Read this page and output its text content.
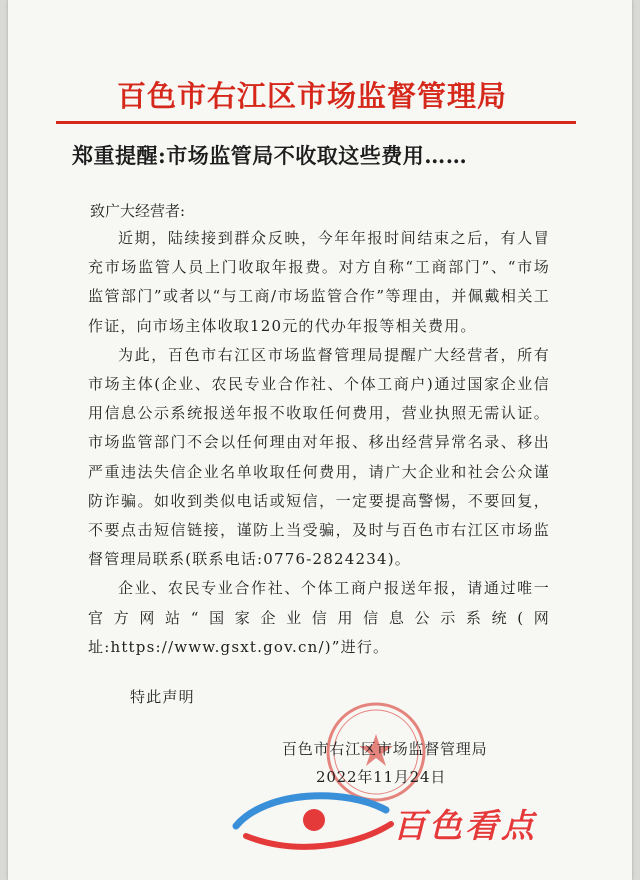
百色市右江区市场监督管理局
郑重提醒:市场监管局不收取这些费用……
致广大经营者:

近期，陆续接到群众反映，今年年报时间结束之后，有人冒充市场监管人员上门收取年报费。对方自称“工商部门”、“市场监管部门”或者以“与工商/市场监管合作”等理由，并佩戴相关工作证，向市场主体收取120元的代办年报等相关费用。

为此，百色市右江区市场监督管理局提醒广大经营者，所有市场主体(企业、农民专业合作社、个体工商户)通过国家企业信用信息公示系统报送年报不收取任何费用，营业执照无需认证。市场监管部门不会以任何理由对年报、移出经营异常名录、移出严重违法失信企业名单收取任何费用，请广大企业和社会公众谨防诈骗。如收到类似电话或短信，一定要提高警惕，不要回复，不要点击短信链接，谨防上当受骗，及时与百色市右江区市场监督管理局联系(联系电话:0776-2824234)。

企业、农民专业合作社、个体工商户报送年报，请通过唯一官方网站“国家企业信用信息公示系统(网址:https://www.gsxt.gov.cn/)”进行。

特此声明
百色市右江区市场监督管理局
2022年11月24日
百色看点
